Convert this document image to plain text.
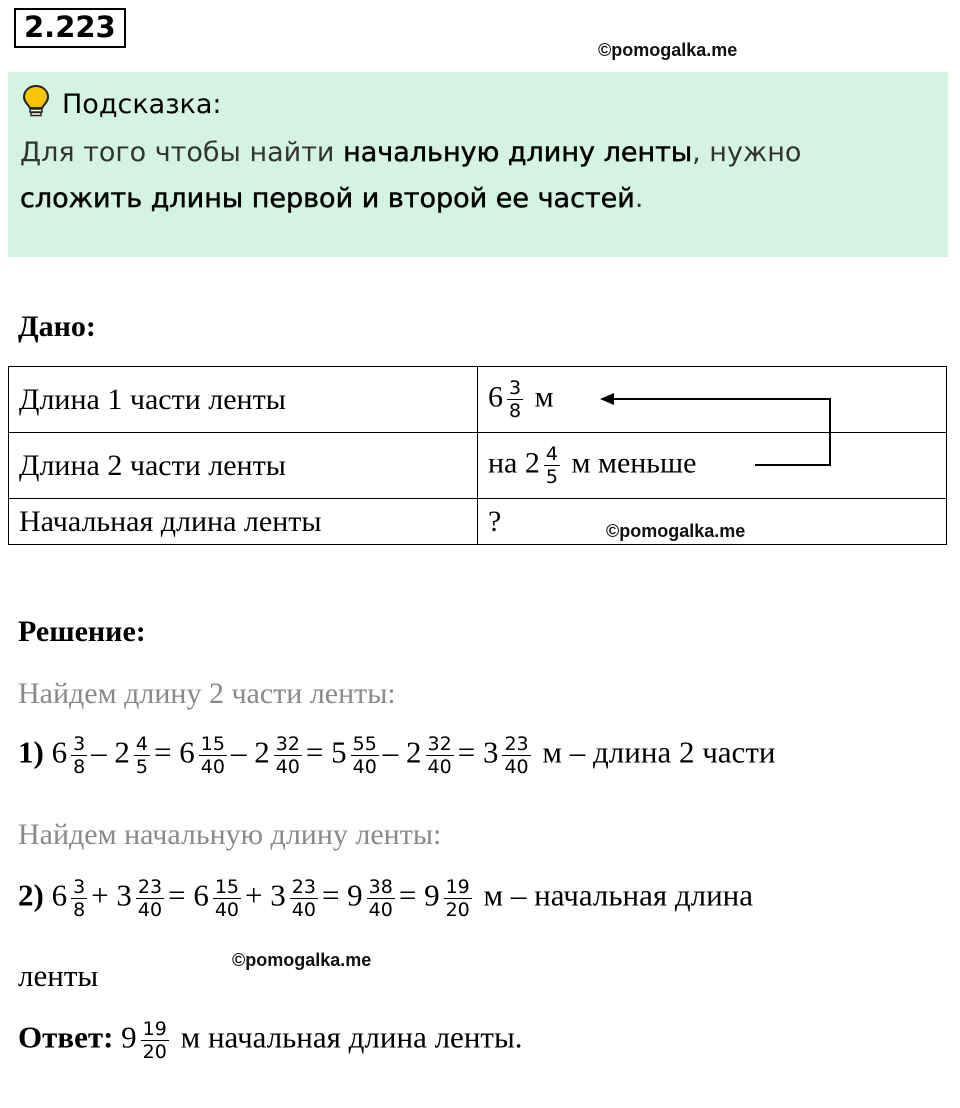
2.223
©pomogalka.me
Подсказка:
Для того чтобы найти начальную длину ленты, нужно
сложить длины первой и второй ее частей.
Дано:
Длина 1 части ленты	$6 \frac{3}{8}$ м
Длина 2 части ленты	на $2 \frac{4}{5}$ м меньше
Начальная длина ленты	?	©pomogalka.me
Решение:
Найдем длину 2 части ленты:
1) $6 \frac{3}{8} - 2 \frac{4}{5} = 6 \frac{15}{40} - 2 \frac{32}{40} = 5 \frac{55}{40} - 2 \frac{32}{40} = 3 \frac{23}{40}$ м – длина 2 части
Найдем начальную длину ленты:
2) $6 \frac{3}{8} + 3 \frac{23}{40} = 6 \frac{15}{40} + 3 \frac{23}{40} = 9 \frac{38}{40} = 9 \frac{19}{20}$ м – начальная длина
ленты	©pomogalka.me
Ответ: $9 \frac{19}{20}$ м начальная длина ленты.
